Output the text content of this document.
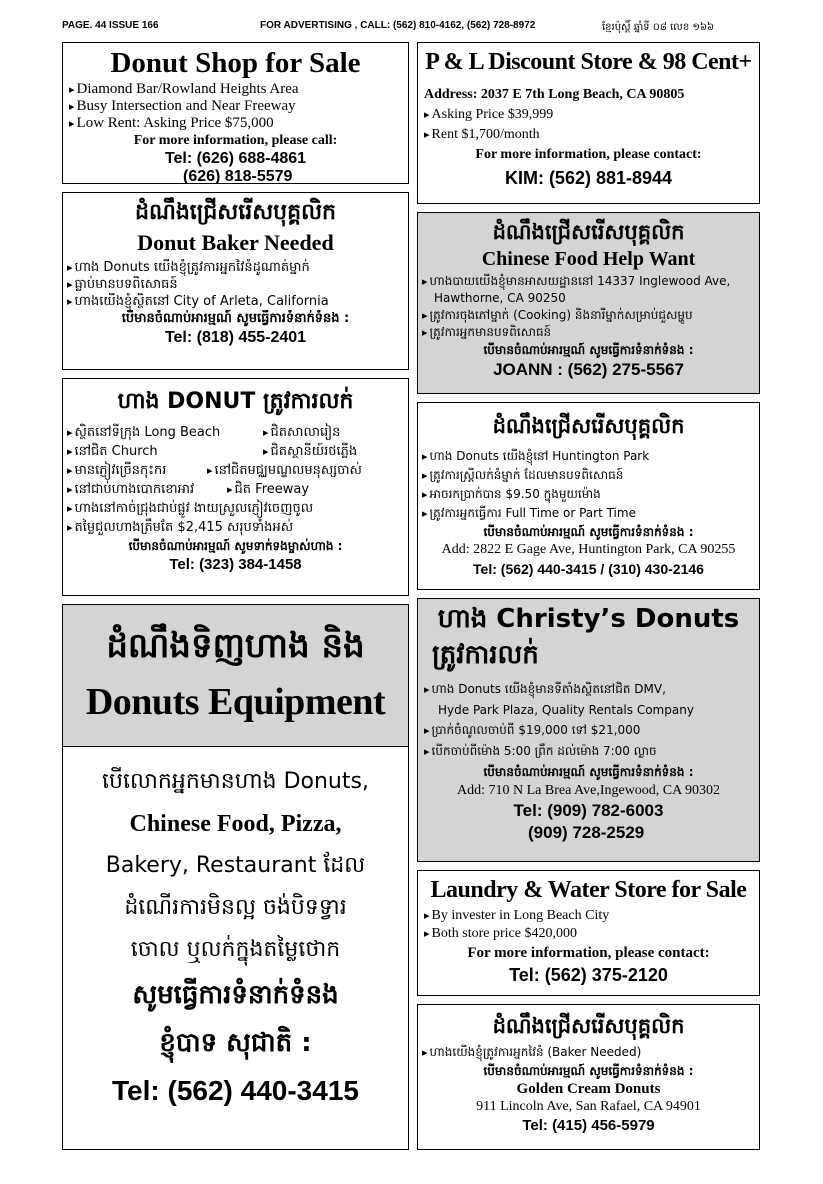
PAGE. 44 ISSUE 166	FOR ADVERTISING , CALL: (562) 810-4162, (562) 728-8972	ខ្មែរប៉ុស្តិ៍ ឆ្នាំទី ០៨ លេខ ១៦៦
Donut Shop for Sale
▸ Diamond Bar/Rowland Heights Area
▸ Busy Intersection and Near Freeway
▸ Low Rent: Asking Price $75,000
For more information, please call:
Tel: (626) 688-4861
(626) 818-5579
P & L Discount Store & 98 Cent+
Address: 2037 E 7th Long Beach, CA 90805
▸ Asking Price $39,999
▸ Rent $1,700/month
For more information, please contact:
KIM: (562) 881-8944
ដំណឹងជ្រើសរើសបុគ្គលិក
Donut Baker Needed
▸ ហាង Donuts យើងខ្ញុំត្រូវការអ្នកវៃនំដូណាត់ម្នាក់
▸ ធ្លាប់មានបទពិសោធន៍
▸ ហាងយើងខ្ញុំស្ថិតនៅ City of Arleta, California
បើមានចំណាប់អារម្មណ៍ សូមធ្វើការទំនាក់ទំនង :
Tel: (818) 455-2401
ដំណឹងជ្រើសរើសបុគ្គលិក
Chinese Food Help Want
▸ ហាងបាយយើងខ្ញុំមានអាសយដ្ឋាននៅ 14337 Inglewood Ave,
Hawthorne, CA 90250
▸ ត្រូវការចុងភៅម្នាក់ (Cooking) និងនារីម្នាក់សម្រាប់ជួសម្ហូប
▸ ត្រូវការអ្នកមានបទពិសោធន៍
បើមានចំណាប់អារម្មណ៍ សូមធ្វើការទំនាក់ទំនង :
JOANN : (562) 275-5567
ហាង DONUT ត្រូវការលក់
▸ ស្ថិតនៅទីក្រុង Long Beach	▸ ជិតសាលារៀន
▸ នៅជិត Church	▸ ជិតស្ថានីយ៍រថភ្លើង
▸ មានភ្ញៀវច្រើនកុះករ	▸ នៅជិតមជ្ឈមណ្ឌលមនុស្សចាស់
▸ នៅជាប់ហាងបោកខោអាវ	▸ ជិត Freeway
▸ ហាងនៅកាច់ជ្រុងជាប់ផ្លូវ ងាយស្រួលភ្ញៀវចេញចូល
▸ តម្លៃជួលហាងត្រឹមតែ $2,415 សរុបទាំងអស់
បើមានចំណាប់អារម្មណ៍ សូមទាក់ទងម្ចាស់ហាង :
Tel: (323) 384-1458
ដំណឹងជ្រើសរើសបុគ្គលិក
▸ ហាង Donuts យើងខ្ញុំនៅ Huntington Park
▸ ត្រូវការស្ត្រីលក់នំម្នាក់ ដែលមានបទពិសោធន៍
▸ អាចរកប្រាក់បាន $9.50 ក្នុងមួយម៉ោង
▸ ត្រូវការអ្នកធ្វើការ Full Time or Part Time
បើមានចំណាប់អារម្មណ៍ សូមធ្វើការទំនាក់ទំនង :
Add: 2822 E Gage Ave, Huntington Park, CA 90255
Tel: (562) 440-3415 / (310) 430-2146
ដំណឹងទិញហាង និង
Donuts Equipment
បើលោកអ្នកមានហាង Donuts,
Chinese Food, Pizza,
Bakery, Restaurant ដែល
ដំណើរការមិនល្អ ចង់បិទទ្វារ
ចោល ឬលក់ក្នុងតម្លៃថោក
សូមធ្វើការទំនាក់ទំនង
ខ្ញុំបាទ សុជាតិ :
Tel: (562) 440-3415
ហាង Christy’s Donuts
ត្រូវការលក់
▸ ហាង Donuts យើងខ្ញុំមានទីតាំងស្ថិតនៅជិត DMV,
Hyde Park Plaza, Quality Rentals Company
▸ ប្រាក់ចំណូលចាប់ពី $19,000 ទៅ $21,000
▸ បើកចាប់ពីម៉ោង 5:00 ព្រឹក ដល់ម៉ោង 7:00 ល្ងាច
បើមានចំណាប់អារម្មណ៍ សូមធ្វើការទំនាក់ទំនង :
Add: 710 N La Brea Ave,Ingewood, CA 90302
Tel: (909) 782-6003
(909) 728-2529
Laundry & Water Store for Sale
▸ By invester in Long Beach City
▸ Both store price $420,000
For more information, please contact:
Tel: (562) 375-2120
ដំណឹងជ្រើសរើសបុគ្គលិក
▸ ហាងយើងខ្ញុំត្រូវការអ្នកវៃនំ (Baker Needed)
បើមានចំណាប់អារម្មណ៍ សូមធ្វើការទំនាក់ទំនង :
Golden Cream Donuts
911 Lincoln Ave, San Rafael, CA 94901
Tel: (415) 456-5979
